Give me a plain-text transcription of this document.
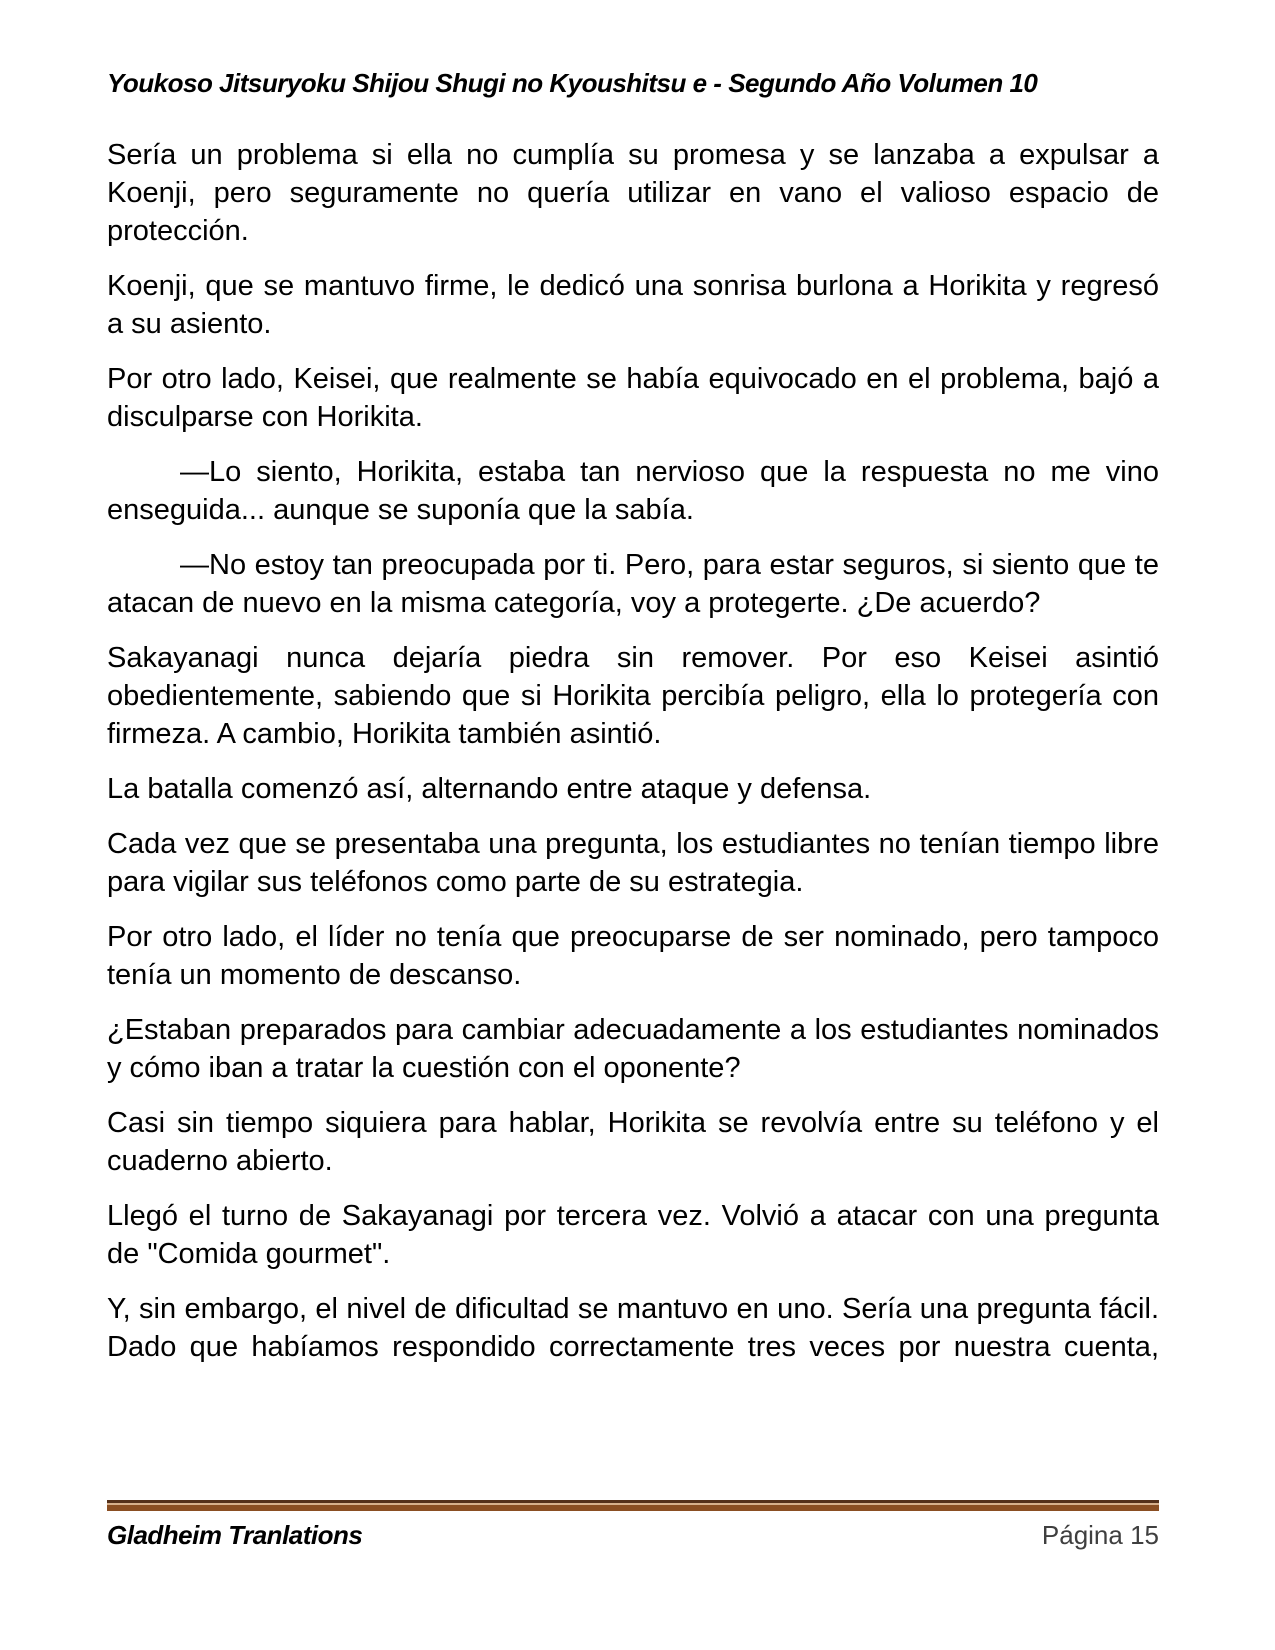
Youkoso Jitsuryoku Shijou Shugi no Kyoushitsu e - Segundo Año Volumen 10

Sería un problema si ella no cumplía su promesa y se lanzaba a expulsar a Koenji, pero seguramente no quería utilizar en vano el valioso espacio de protección.

Koenji, que se mantuvo firme, le dedicó una sonrisa burlona a Horikita y regresó a su asiento.

Por otro lado, Keisei, que realmente se había equivocado en el problema, bajó a disculparse con Horikita.

—Lo siento, Horikita, estaba tan nervioso que la respuesta no me vino enseguida... aunque se suponía que la sabía.

—No estoy tan preocupada por ti. Pero, para estar seguros, si siento que te atacan de nuevo en la misma categoría, voy a protegerte. ¿De acuerdo?

Sakayanagi nunca dejaría piedra sin remover. Por eso Keisei asintió obedientemente, sabiendo que si Horikita percibía peligro, ella lo protegería con firmeza. A cambio, Horikita también asintió.

La batalla comenzó así, alternando entre ataque y defensa.

Cada vez que se presentaba una pregunta, los estudiantes no tenían tiempo libre para vigilar sus teléfonos como parte de su estrategia.

Por otro lado, el líder no tenía que preocuparse de ser nominado, pero tampoco tenía un momento de descanso.

¿Estaban preparados para cambiar adecuadamente a los estudiantes nominados y cómo iban a tratar la cuestión con el oponente?

Casi sin tiempo siquiera para hablar, Horikita se revolvía entre su teléfono y el cuaderno abierto.

Llegó el turno de Sakayanagi por tercera vez. Volvió a atacar con una pregunta de "Comida gourmet".

Y, sin embargo, el nivel de dificultad se mantuvo en uno. Sería una pregunta fácil. Dado que habíamos respondido correctamente tres veces por nuestra cuenta,

Gladheim Tranlations	Página 15
